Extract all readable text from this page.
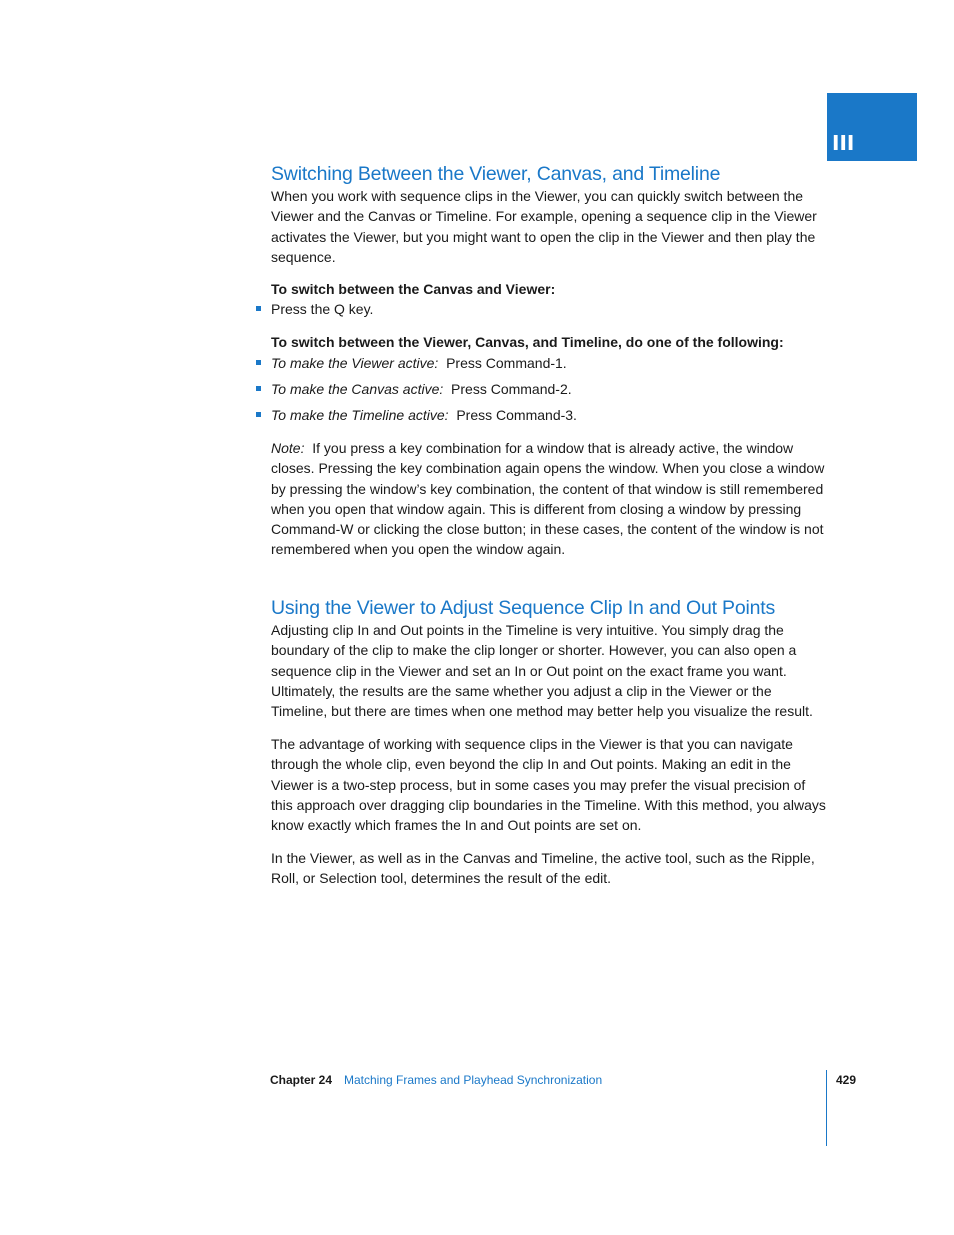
III
Switching Between the Viewer, Canvas, and Timeline

When you work with sequence clips in the Viewer, you can quickly switch between the Viewer and the Canvas or Timeline. For example, opening a sequence clip in the Viewer activates the Viewer, but you might want to open the clip in the Viewer and then play the sequence.

To switch between the Canvas and Viewer:

Press the Q key.

To switch between the Viewer, Canvas, and Timeline, do one of the following:

To make the Viewer active: Press Command-1.

To make the Canvas active: Press Command-2.

To make the Timeline active: Press Command-3.

Note: If you press a key combination for a window that is already active, the window closes. Pressing the key combination again opens the window. When you close a window by pressing the window’s key combination, the content of that window is still remembered when you open that window again. This is different from closing a window by pressing Command-W or clicking the close button; in these cases, the content of the window is not remembered when you open the window again.

Using the Viewer to Adjust Sequence Clip In and Out Points

Adjusting clip In and Out points in the Timeline is very intuitive. You simply drag the boundary of the clip to make the clip longer or shorter. However, you can also open a sequence clip in the Viewer and set an In or Out point on the exact frame you want. Ultimately, the results are the same whether you adjust a clip in the Viewer or the Timeline, but there are times when one method may better help you visualize the result.

The advantage of working with sequence clips in the Viewer is that you can navigate through the whole clip, even beyond the clip In and Out points. Making an edit in the Viewer is a two-step process, but in some cases you may prefer the visual precision of this approach over dragging clip boundaries in the Timeline. With this method, you always know exactly which frames the In and Out points are set on.

In the Viewer, as well as in the Canvas and Timeline, the active tool, such as the Ripple, Roll, or Selection tool, determines the result of the edit.

Chapter 24 Matching Frames and Playhead Synchronization	429
